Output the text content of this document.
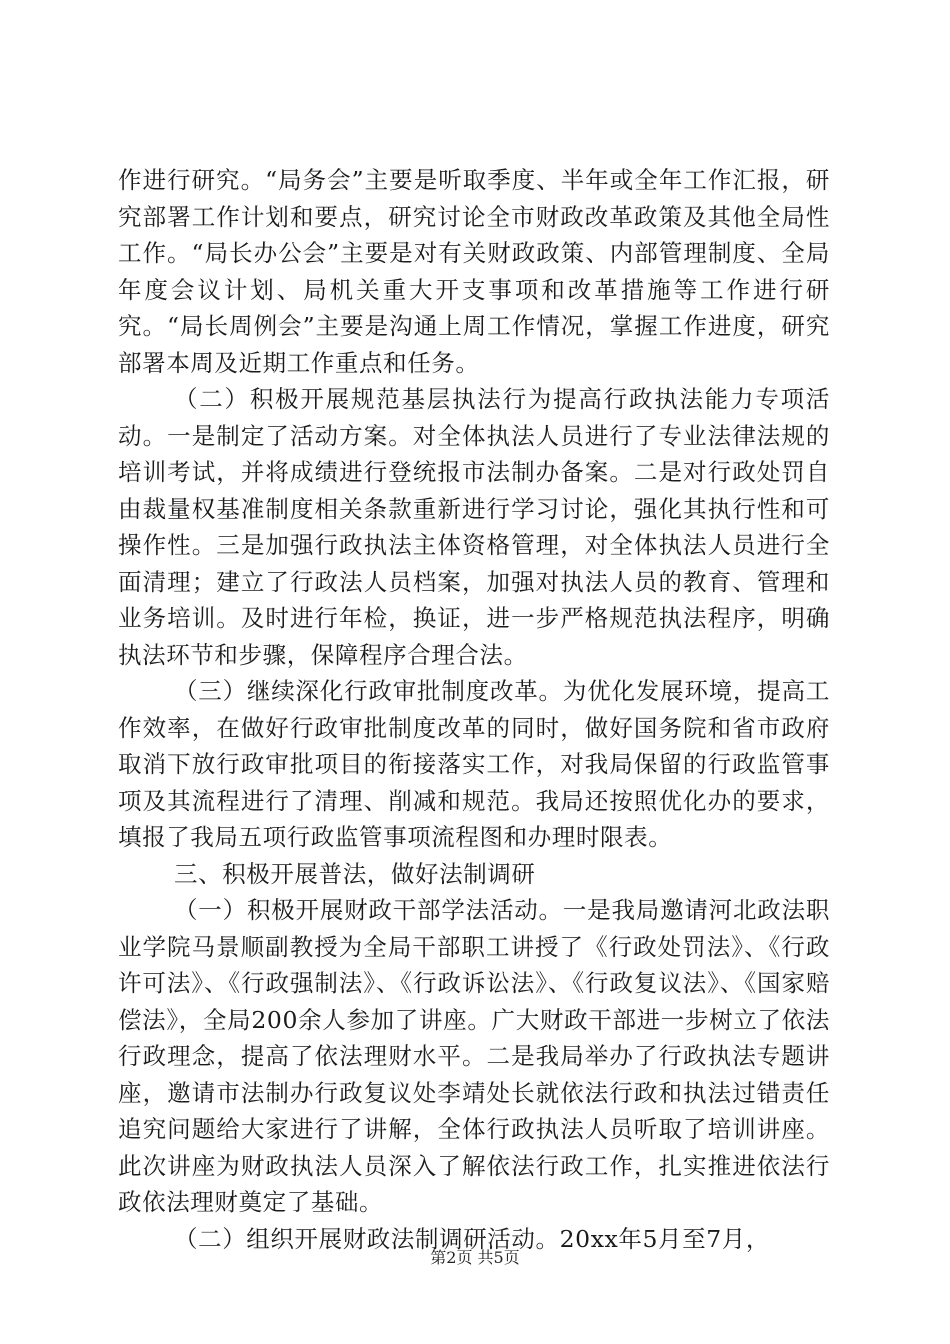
作进行研究。“局务会”主要是听取季度、半年或全年工作汇报，研究部署工作计划和要点，研究讨论全市财政改革政策及其他全局性工作。“局长办公会”主要是对有关财政政策、内部管理制度、全局年度会议计划、局机关重大开支事项和改革措施等工作进行研究。“局长周例会”主要是沟通上周工作情况，掌握工作进度，研究部署本周及近期工作重点和任务。

（二）积极开展规范基层执法行为提高行政执法能力专项活动。一是制定了活动方案。对全体执法人员进行了专业法律法规的培训考试，并将成绩进行登统报市法制办备案。二是对行政处罚自由裁量权基准制度相关条款重新进行学习讨论，强化其执行性和可操作性。三是加强行政执法主体资格管理，对全体执法人员进行全面清理；建立了行政法人员档案，加强对执法人员的教育、管理和业务培训。及时进行年检，换证，进一步严格规范执法程序，明确执法环节和步骤，保障程序合理合法。

（三）继续深化行政审批制度改革。为优化发展环境，提高工作效率，在做好行政审批制度改革的同时，做好国务院和省市政府取消下放行政审批项目的衔接落实工作，对我局保留的行政监管事项及其流程进行了清理、削减和规范。我局还按照优化办的要求，填报了我局五项行政监管事项流程图和办理时限表。

三、积极开展普法，做好法制调研

（一）积极开展财政干部学法活动。一是我局邀请河北政法职业学院马景顺副教授为全局干部职工讲授了《行政处罚法》、《行政许可法》、《行政强制法》、《行政诉讼法》、《行政复议法》、《国家赔偿法》，全局200余人参加了讲座。广大财政干部进一步树立了依法行政理念，提高了依法理财水平。二是我局举办了行政执法专题讲座，邀请市法制办行政复议处李靖处长就依法行政和执法过错责任追究问题给大家进行了讲解，全体行政执法人员听取了培训讲座。此次讲座为财政执法人员深入了解依法行政工作，扎实推进依法行政依法理财奠定了基础。

（二）组织开展财政法制调研活动。20xx年5月至7月，

第2页 共5页
